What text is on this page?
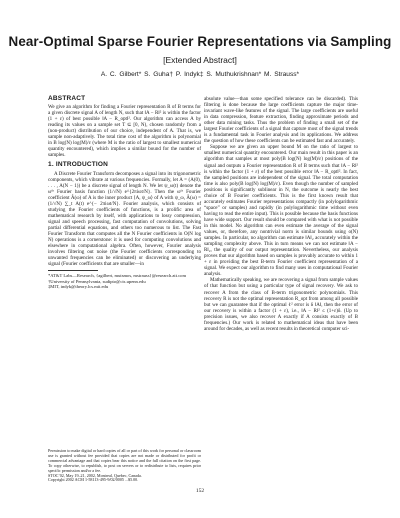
Near-Optimal Sparse Fourier Representations via Sampling
[Extended Abstract]
A. C. Gilbert* S. Guha† P. Indyk‡ S. Muthukrishnan* M. Strauss*
ABSTRACT

We give an algorithm for finding a Fourier representation R of B terms for a given discrete signal A of length N, such that ‖A − R‖² is within the factor (1 + ε) of best possible ‖A − R_opt‖². Our algorithm can access A by reading its values on a sample set T ⊆ [0, N), chosen randomly from a (non-product) distribution of our choice, independent of A. That is, we sample non-adaptively. The total time cost of the algorithm is polynomial in B log(N) log(M)/ε (where M is the ratio of largest to smallest numerical quantity encountered), which implies a similar bound for the number of samples.

1. INTRODUCTION

A Discrete Fourier Transform decomposes a signal into its trigonometric components, which vibrate at various frequencies. Formally, let A = (A(0), . . . , A(N − 1)) be a discrete signal of length N. We let ψ_ω(t) denote the ωᵗʰ Fourier basis function (1/√N) e^{2πiωt/N}. Then the ωᵗʰ Fourier coefficient Â(ω) of A is the inner product ⟨A, ψ_ω⟩ of A with ψ_ω, Â(ω) = (1/√N) ∑_t A(t) e^{− 2πiωt/N}. Fourier analysis, which consists of studying the Fourier coefficients of functions, is a prolific area of mathematical research by itself, with applications to lossy compression, signal and speech processing, fast computation of convolutions, solving partial differential equations, and others too numerous to list. The Fast Fourier Transform that computes all the N Fourier coefficients in O(N log N) operations is a cornerstone: it is used for computing convolutions and elsewhere in computational algebra. Often, however, Fourier analysis involves filtering out noise (the Fourier coefficients corresponding to unwanted frequencies can be eliminated) or discovering an underlying signal (Fourier coefficients that are smaller—in

*AT&T Labs—Research, {agilbert, mutsmos, mstrauss}@research.att.com

†University of Pennsylvania, sudipto@cis.upenn.edu

‡MIT, indyk@theory.lcs.mit.edu

Permission to make digital or hard copies of all or part of this work for personal or classroom use is granted without fee provided that copies are not made or distributed for profit or commercial advantage and that copies bear this notice and the full citation on the first page. To copy otherwise, to republish, to post on servers or to redistribute to lists, requires prior specific permission and/or a fee.

STOC’02, May 19–21, 2002, Montreal, Quebec, Canada.

Copyright 2002 ACM 1-58113-495-9/02/0005 ...$5.00.

absolute value—than some specified tolerance can be discarded). This filtering is done because the large coefficients capture the major time-invariant wave-like features of the signal. The large coefficients are useful in data compression, feature extraction, finding approximate periods and other data mining tasks. Thus the problem of finding a small set of the largest Fourier coefficients of a signal that capture most of the signal trends is a fundamental task in Fourier analysis and its applications. We address the question of how these coefficients can be estimated fast and accurately.

Suppose we are given an upper bound M on the ratio of largest to smallest numerical quantity encountered. Our main result in this paper is an algorithm that samples at most poly(B log(N) log(M)/ε) positions of the signal and outputs a Fourier representation R of B terms such that ‖A − R‖² is within the factor (1 + ε) of the best possible error ‖A − R_opt‖². In fact, the sampled positions are independent of the signal. The total computation time is also poly(B log(N) log(M)/ε). Even though the number of sampled positions is significantly sublinear in N, the outcome is nearly the best choice of B Fourier coefficients. This is the first known result that accurately estimates Fourier representations compactly (in polylogarithmic “space” or samples) and rapidly (in polylogarithmic time without even having to read the entire input). This is possible because the basis functions have wide support. Our result should be compared with what is not possible in this model. No algorithm can even estimate the average of the signal values, or, therefore, any nontrivial norm is similar bounds using o(N) samples. In particular, no algorithm can estimate ‖A‖₂ accurately within the sampling complexity above. This in turn means we can not estimate ‖A − R‖₂, the quality of our output representation. Nevertheless, our analysis proves that our algorithm based on samples is provably accurate to within 1 + ε in providing the best B-term Fourier coefficient representation of a signal. We expect our algorithm to find many uses in computational Fourier analysis.

Mathematically speaking, we are recovering a signal from sample values of that function but using a particular type of signal recovery. We ask to recover A from the class of B-term trigonometric polynomials. This recovery R is not the optimal representation R_opt from among all possible but we can guarantee that if the optimal ℓ² error is δ ‖A‖, then the error of our recovery is within a factor (1 + ε), i.e., ‖A − R‖² ≤ (1+ε)δ. (Up to precision issues, we also recover A exactly if A consists exactly of B frequencies.) Our work is related to mathematical ideas that have been around for decades, as well as recent results in theoretical computer sci-

152
